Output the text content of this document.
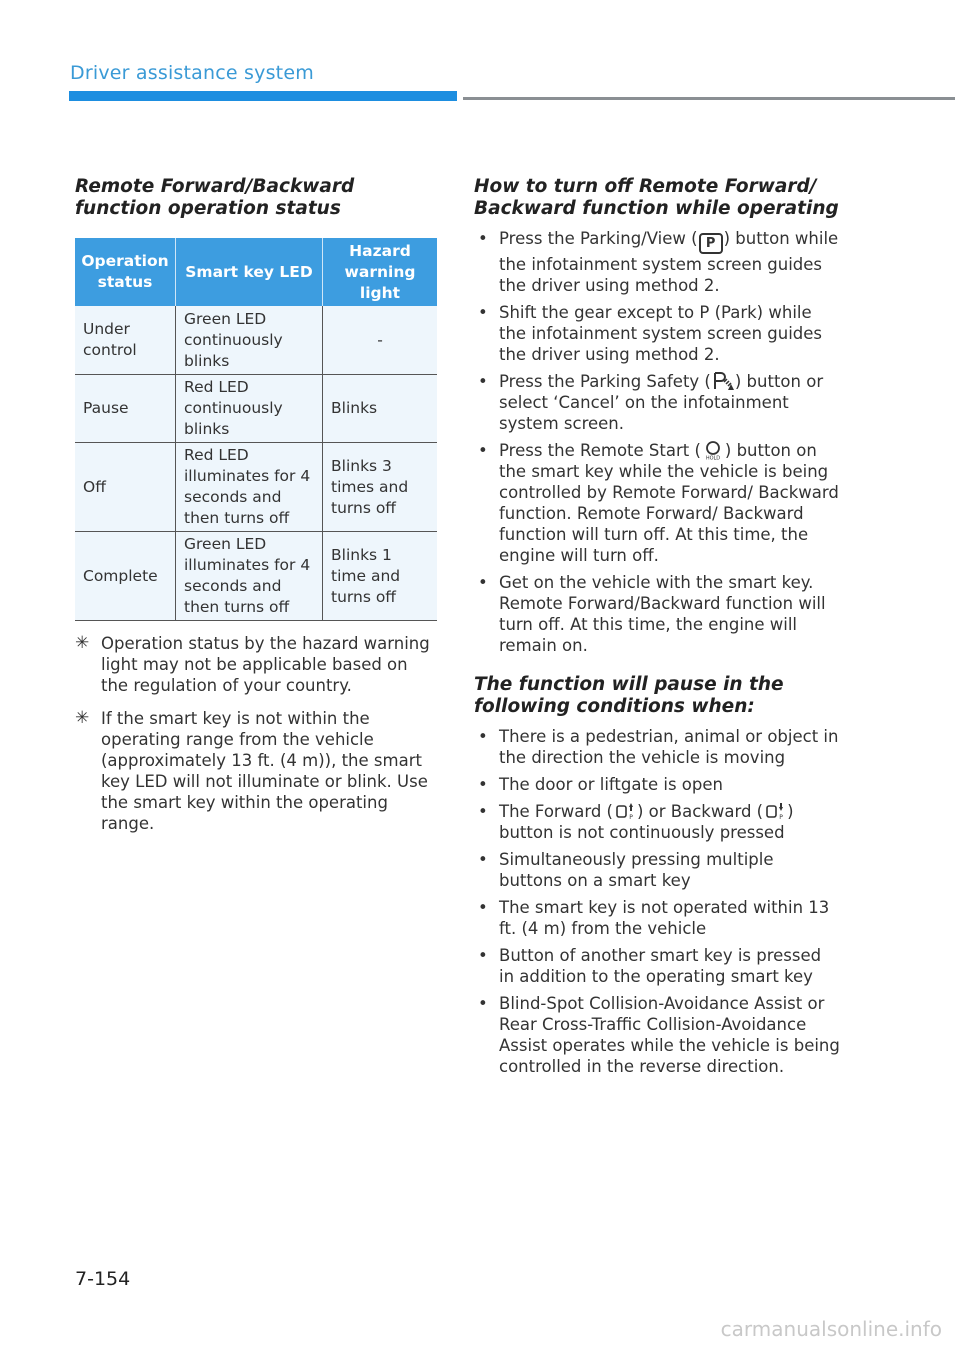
Driver assistance system
Remote Forward/Backward function operation status
Operation status	Smart key LED	Hazard warning light
Under control	Green LED continuously blinks	-
Pause	Red LED continuously blinks	Blinks
Off	Red LED illuminates for 4 seconds and then turns off	Blinks 3 times and turns off
Complete	Green LED illuminates for 4 seconds and then turns off	Blinks 1 time and turns off
✳ Operation status by the hazard warning light may not be applicable based on the regulation of your country.
✳ If the smart key is not within the operating range from the vehicle (approximately 13 ft. (4 m)), the smart key LED will not illuminate or blink. Use the smart key within the operating range.
How to turn off Remote Forward/ Backward function while operating
• Press the Parking/View ( P ) button while the infotainment system screen guides the driver using method 2.
• Shift the gear except to P (Park) while the infotainment system screen guides the driver using method 2.
• Press the Parking Safety ( ) button or select ‘Cancel’ on the infotainment system screen.
• Press the Remote Start ( HOLD ) button on the smart key while the vehicle is being controlled by Remote Forward/ Backward function. Remote Forward/ Backward function will turn off. At this time, the engine will turn off.
• Get on the vehicle with the smart key. Remote Forward/Backward function will turn off. At this time, the engine will remain on.
The function will pause in the following conditions when:
• There is a pedestrian, animal or object in the direction the vehicle is moving
• The door or liftgate is open
• The Forward (	P ) or Backward (	P ) button is not continuously pressed
• Simultaneously pressing multiple buttons on a smart key
• The smart key is not operated within 13 ft. (4 m) from the vehicle
• Button of another smart key is pressed in addition to the operating smart key
• Blind-Spot Collision-Avoidance Assist or Rear Cross-Traffic Collision-Avoidance Assist operates while the vehicle is being controlled in the reverse direction.
7-154
carmanualsonline.info
